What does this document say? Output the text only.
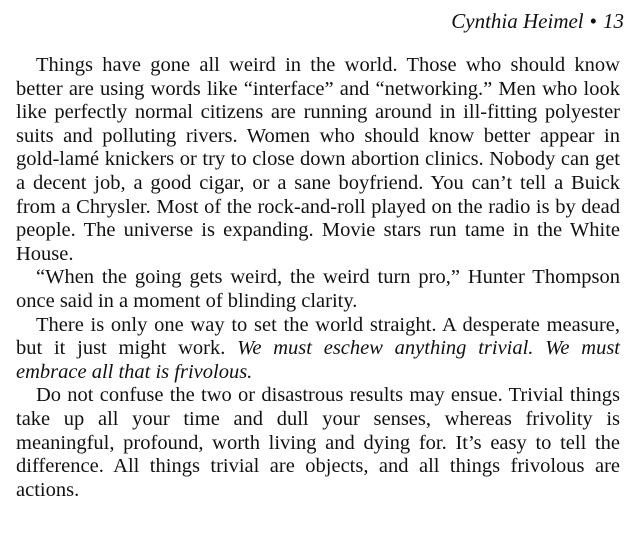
Cynthia Heimel • 13

Things have gone all weird in the world. Those who should know better are using words like “interface” and “networking.” Men who look like perfectly normal citizens are running around in ill-fitting polyester suits and polluting rivers. Women who should know better appear in gold-lamé knickers or try to close down abortion clinics. Nobody can get a decent job, a good cigar, or a sane boyfriend. You can’t tell a Buick from a Chrysler. Most of the rock-and-roll played on the radio is by dead people. The universe is expanding. Movie stars run tame in the White House.

“When the going gets weird, the weird turn pro,” Hunter Thompson once said in a moment of blinding clarity.

There is only one way to set the world straight. A desperate measure, but it just might work. We must eschew anything trivial. We must embrace all that is frivolous.

Do not confuse the two or disastrous results may ensue. Trivial things take up all your time and dull your senses, whereas frivolity is meaningful, profound, worth living and dying for. It’s easy to tell the difference. All things trivial are objects, and all things frivolous are actions.
